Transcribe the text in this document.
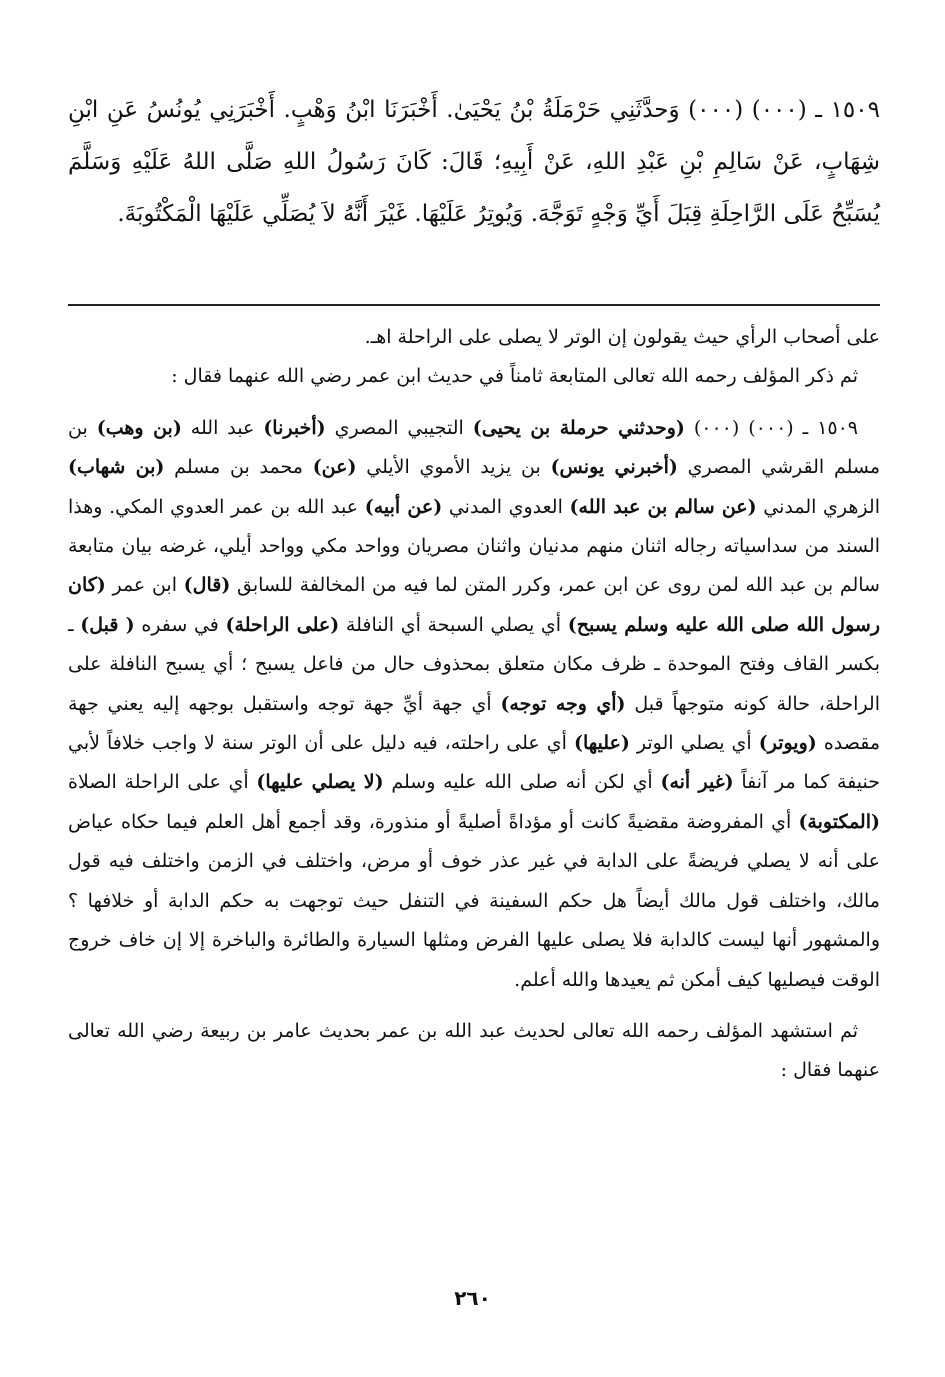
١٥٠٩ ـ (٠٠٠) (٠٠٠) وَحدَّثَنِي حَرْمَلَةُ بْنُ يَحْيَىٰ. أَخْبَرَنَا ابْنُ وَهْبٍ. أَخْبَرَنِي يُونُسُ عَنِ ابْنِ شِهَابٍ، عَنْ سَالِمِ بْنِ عَبْدِ اللهِ، عَنْ أَبِيهِ؛ قَالَ: كَانَ رَسُولُ اللهِ صَلَّى اللهُ عَلَيْهِ وَسَلَّمَ يُسَبِّحُ عَلَى الرَّاحِلَةِ قِبَلَ أَيِّ وَجْهٍ تَوَجَّهَ. وَيُوتِرُ عَلَيْهَا. غَيْرَ أَنَّهُ لاَ يُصَلِّي عَلَيْهَا الْمَكْتُوبَةَ.

على أصحاب الرأي حيث يقولون إن الوتر لا يصلى على الراحلة اهـ.

ثم ذكر المؤلف رحمه الله تعالى المتابعة ثامناً في حديث ابن عمر رضي الله عنهما فقال :

١٥٠٩ ـ (٠٠٠) (٠٠٠) (وحدثني حرملة بن يحيى) التجيبي المصري (أخبرنا) عبد الله (بن وهب) بن مسلم القرشي المصري (أخبرني يونس) بن يزيد الأموي الأيلي (عن) محمد بن مسلم (بن شهاب) الزهري المدني (عن سالم بن عبد الله) العدوي المدني (عن أبيه) عبد الله بن عمر العدوي المكي. وهذا السند من سداسياته رجاله اثنان منهم مدنيان واثنان مصريان وواحد مكي وواحد أيلي، غرضه بيان متابعة سالم بن عبد الله لمن روى عن ابن عمر، وكرر المتن لما فيه من المخالفة للسابق (قال) ابن عمر (كان رسول الله صلى الله عليه وسلم يسبح) أي يصلي السبحة أي النافلة (على الراحلة) في سفره ( قبل) ـ بكسر القاف وفتح الموحدة ـ ظرف مكان متعلق بمحذوف حال من فاعل يسبح ؛ أي يسبح النافلة على الراحلة، حالة كونه متوجهاً قبل (أي وجه توجه) أي جهة أيِّ جهة توجه واستقبل بوجهه إليه يعني جهة مقصده (ويوتر) أي يصلي الوتر (عليها) أي على راحلته، فيه دليل على أن الوتر سنة لا واجب خلافاً لأبي حنيفة كما مر آنفاً (غير أنه) أي لكن أنه صلى الله عليه وسلم (لا يصلي عليها) أي على الراحلة الصلاة (المكتوبة) أي المفروضة مقضيةً كانت أو مؤداةً أصليةً أو منذورة، وقد أجمع أهل العلم فيما حكاه عياض على أنه لا يصلي فريضةً على الدابة في غير عذر خوف أو مرض، واختلف في الزمن واختلف فيه قول مالك، واختلف قول مالك أيضاً هل حكم السفينة في التنفل حيث توجهت به حكم الدابة أو خلافها ؟ والمشهور أنها ليست كالدابة فلا يصلى عليها الفرض ومثلها السيارة والطائرة والباخرة إلا إن خاف خروج الوقت فيصليها كيف أمكن ثم يعيدها والله أعلم.

ثم استشهد المؤلف رحمه الله تعالى لحديث عبد الله بن عمر بحديث عامر بن ربيعة رضي الله تعالى عنهما فقال :

٢٦٠
